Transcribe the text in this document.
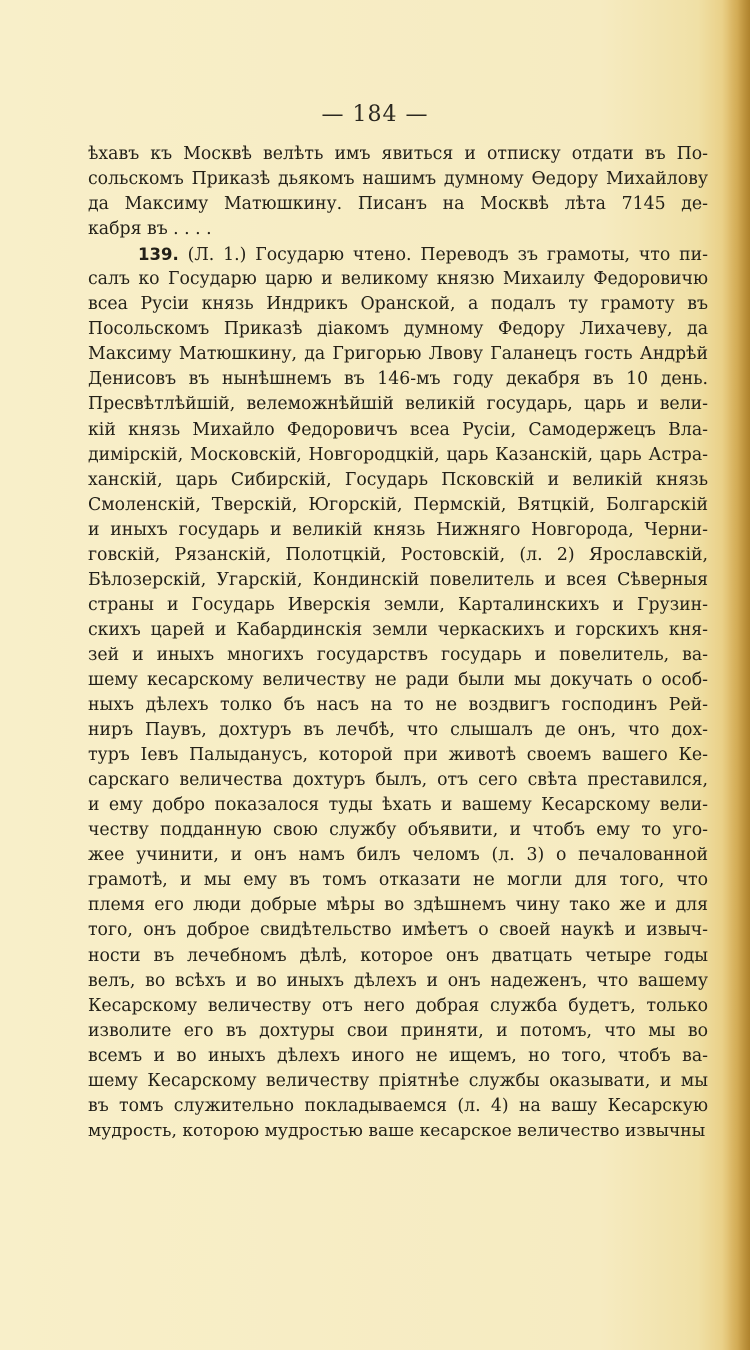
— 184 —
ѣхавъ къ Москвѣ велѣть имъ явиться и отписку отдати въ По-
сольскомъ Приказѣ дьякомъ нашимъ думному Ѳедору Михайлову
да Максиму Матюшкину. Писанъ на Москвѣ лѣта 7145 де-
кабря въ . . . .
139. (Л. 1.) Государю чтено. Переводъ зъ грамоты, что пи-
салъ ко Государю царю и великому князю Михаилу Федоровичю
всеа Русіи князь Индрикъ Оранской, а подалъ ту грамоту въ
Посольскомъ Приказѣ діакомъ думному Федору Лихачеву, да
Максиму Матюшкину, да Григорью Лвову Галанецъ гость Андрѣй
Денисовъ въ нынѣшнемъ въ 146-мъ году декабря въ 10 день.
Пресвѣтлѣйшій, велеможнѣйшій великій государь, царь и вели-
кій князь Михайло Федоровичъ всеа Русіи, Самодержецъ Вла-
димірскій, Московскій, Новгородцкій, царь Казанскій, царь Астра-
ханскій, царь Сибирскій, Государь Псковскій и великій князь
Смоленскій, Тверскій, Югорскій, Пермскій, Вятцкій, Болгарскій
и иныхъ государь и великій князь Нижняго Новгорода, Черни-
говскій, Рязанскій, Полотцкій, Ростовскій, (л. 2) Ярославскій,
Бѣлозерскій, Угарскій, Кондинскій повелитель и всея Сѣверныя
страны и Государь Иверскія земли, Карталинскихъ и Грузин-
скихъ царей и Кабардинскія земли черкаскихъ и горскихъ кня-
зей и иныхъ многихъ государствъ государь и повелитель, ва-
шему кесарскому величеству не ради были мы докучать о особ-
ныхъ дѣлехъ толко бъ насъ на то не воздвигъ господинъ Рей-
ниръ Паувъ, дохтуръ въ лечбѣ, что слышалъ де онъ, что дох-
туръ Іевъ Палыданусъ, которой при животѣ своемъ вашего Ке-
сарскаго величества дохтуръ былъ, отъ сего свѣта преставился,
и ему добро показалося туды ѣхать и вашему Кесарскому вели-
честву подданную свою службу объявити, и чтобъ ему то уго-
жее учинити, и онъ намъ билъ челомъ (л. 3) о печалованной
грамотѣ, и мы ему въ томъ отказати не могли для того, что
племя его люди добрые мѣры во здѣшнемъ чину тако же и для
того, онъ доброе свидѣтельство имѣетъ о своей наукѣ и извыч-
ности въ лечебномъ дѣлѣ, которое онъ дватцать четыре годы
велъ, во всѣхъ и во иныхъ дѣлехъ и онъ надеженъ, что вашему
Кесарскому величеству отъ него добрая служба будетъ, только
изволите его въ дохтуры свои приняти, и потомъ, что мы во
всемъ и во иныхъ дѣлехъ иного не ищемъ, но того, чтобъ ва-
шему Кесарскому величеству пріятнѣе службы оказывати, и мы
въ томъ служительно покладываемся (л. 4) на вашу Кесарскую
мудрость, которою мудростью ваше кесарское величество извычны
